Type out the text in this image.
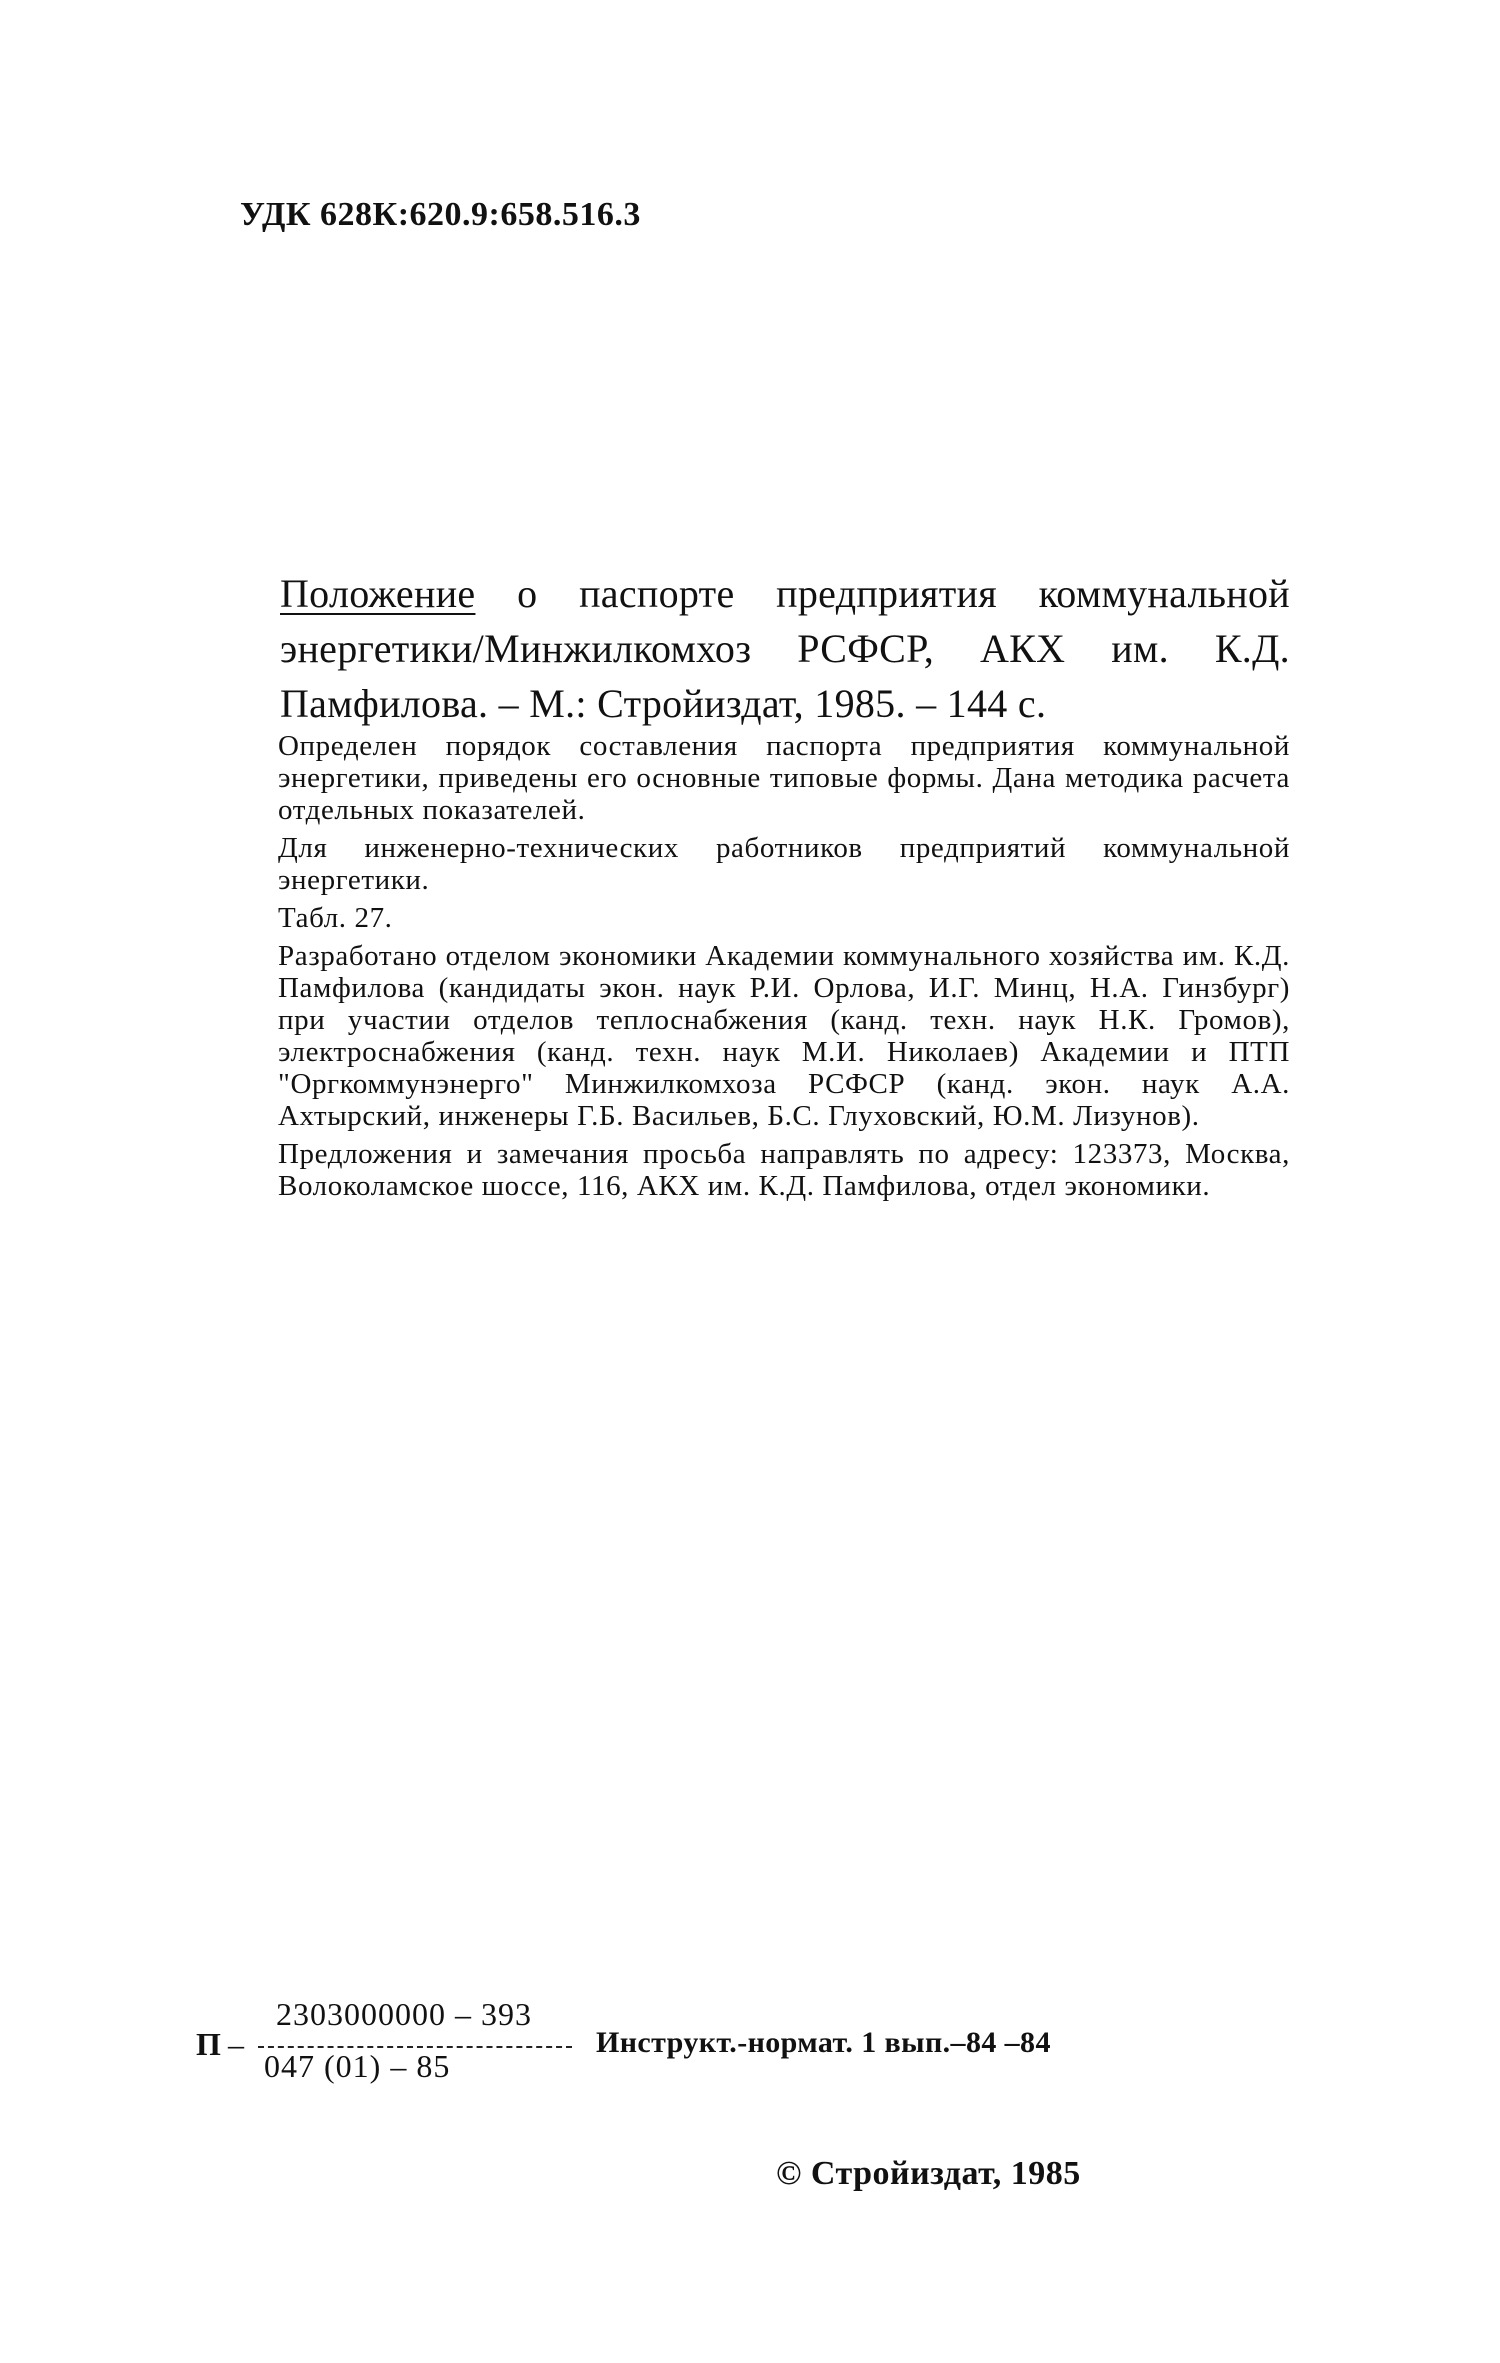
УДК 628К:620.9:658.516.3
Положение о паспорте предприятия коммунальной энергетики/Минжилкомхоз РСФСР, АКХ им. К.Д. Памфилова. – М.: Стройиздат, 1985. – 144 с.

Определен порядок составления паспорта предприятия коммунальной энергетики, приведены его основные типовые формы. Дана методика расчета отдельных показателей.

Для инженерно-технических работников предприятий коммунальной энергетики.

Табл. 27.

Разработано отделом экономики Академии коммунального хозяйства им. К.Д. Памфилова (кандидаты экон. наук Р.И. Орлова, И.Г. Минц, Н.А. Гинзбург) при участии отделов теплоснабжения (канд. техн. наук Н.К. Громов), электроснабжения (канд. техн. наук М.И. Николаев) Академии и ПТП "Оргкоммунэнерго" Минжилкомхоза РСФСР (канд. экон. наук А.А. Ахтырский, инженеры Г.Б. Васильев, Б.С. Глуховский, Ю.М. Лизунов).

Предложения и замечания просьба направлять по адресу: 123373, Москва, Волоколамское шоссе, 116, АКХ им. К.Д. Памфилова, отдел экономики.

П –
2303000000 – 393
047 (01) – 85
Инструкт.-нормат. 1 вып.–84 –84
© Стройиздат, 1985
